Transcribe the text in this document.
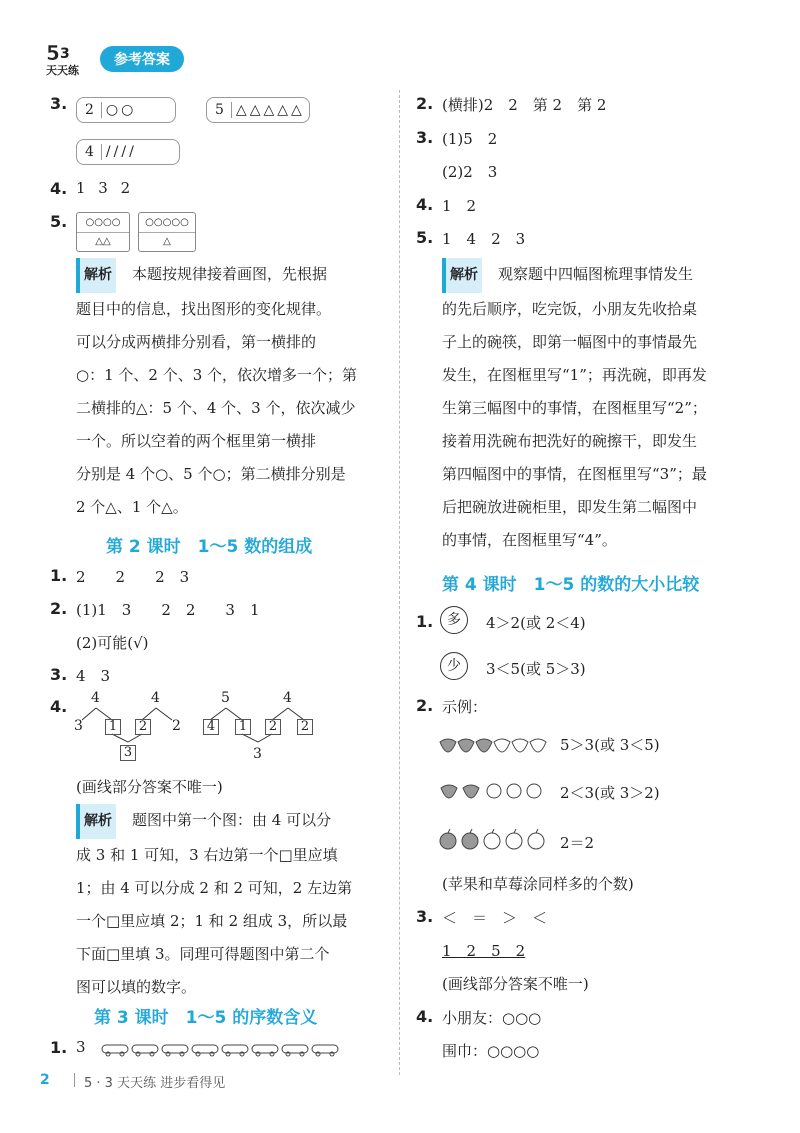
5 3
天天练
参考答案
3.	2 ○○	5 △△△△△
4 ////
4. 1 3 2
5.	○○○○
△△
○○○○○
△
解析 本题按规律接着画图，先根据
题目中的信息，找出图形的变化规律。
可以分成两横排分别看，第一横排的
○：1 个、2 个、3 个，依次增多一个；第
二横排的△：5 个、4 个、3 个，依次减少
一个。所以空着的两个框里第一横排
分别是 4 个○、5 个○；第二横排分别是
2 个△、1 个△。
第 2 课时　1～5 数的组成
1. 2　　2　　2　3
2. (1)1　3　　2　2　　3　1
(2)可能(√)
3. 4　3
4. 4	4
3 1 2 2
3
5	4
4 1 2 2
3
(画线部分答案不唯一)
解析 题图中第一个图：由 4 可以分
成 3 和 1 可知，3 右边第一个□里应填
1；由 4 可以分成 2 和 2 可知，2 左边第
一个□里应填 2；1 和 2 组成 3，所以最
下面□里填 3。同理可得题图中第二个
图可以填的数字。
第 3 课时　1～5 的序数含义
1. 3
2. (横排)2　2　第 2　第 2
3. (1)5　2
(2)2　3
4. 1　2
5. 1　4　2　3
解析 观察题中四幅图梳理事情发生
的先后顺序，吃完饭，小朋友先收拾桌
子上的碗筷，即第一幅图中的事情最先
发生，在图框里写“1”；再洗碗，即再发
生第三幅图中的事情，在图框里写“2”；
接着用洗碗布把洗好的碗擦干，即发生
第四幅图中的事情，在图框里写“3”；最
后把碗放进碗柜里，即发生第二幅图中
的事情，在图框里写“4”。
第 4 课时　1～5 的数的大小比较
1. 多	4＞2(或 2＜4)
少	3＜5(或 5＞3)
2. 示例：
5＞3(或 3＜5)
2＜3(或 3＞2)
2＝2
(苹果和草莓涂同样多的个数)
3. ＜　＝　＞　＜
1　2　5　2
(画线部分答案不唯一)
4. 小朋友：○○○
围巾：○○○○
2	5 · 3 天天练 进步看得见
